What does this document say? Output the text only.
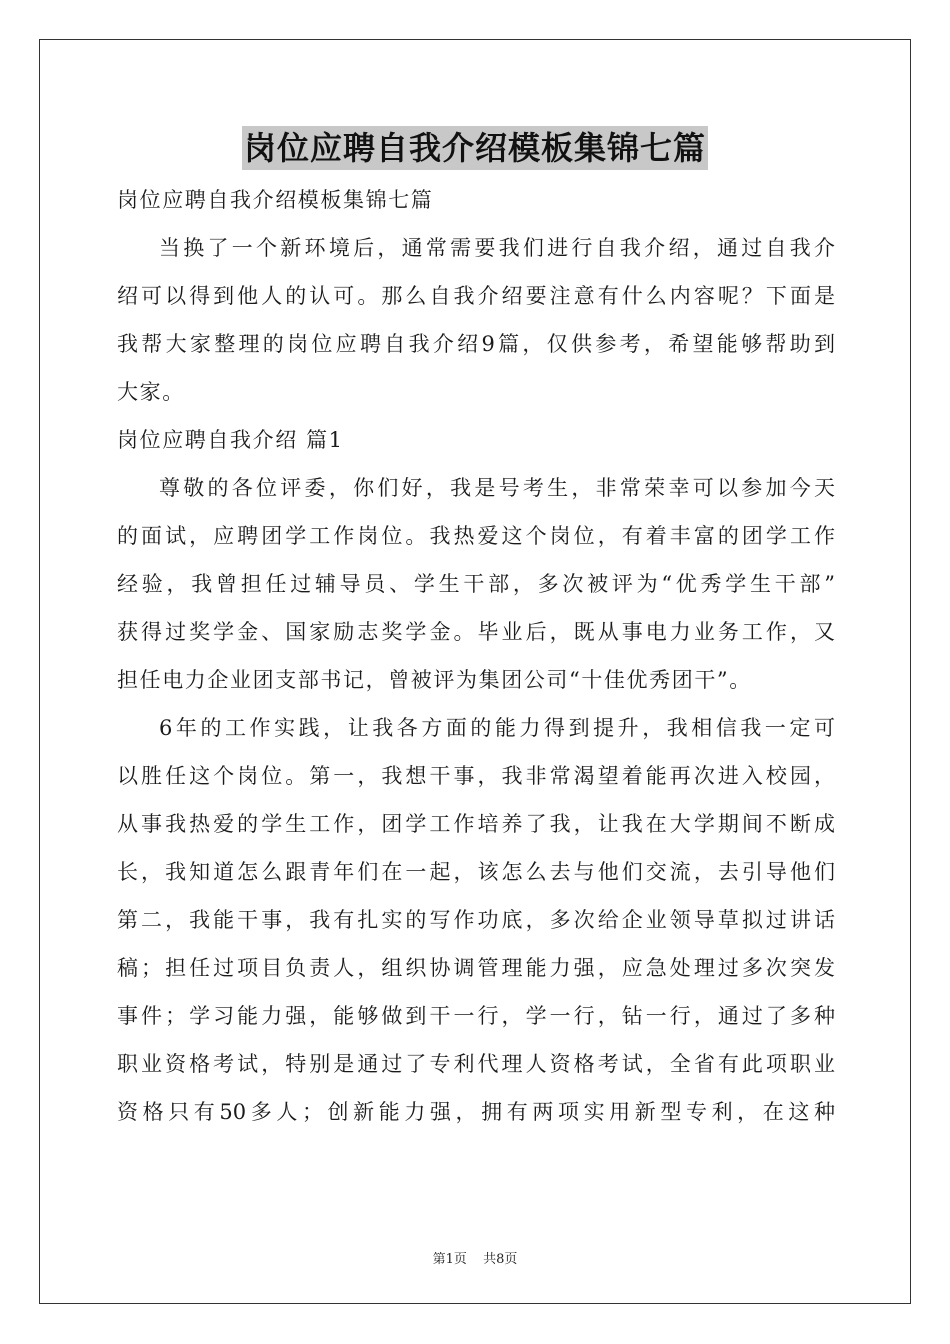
岗位应聘自我介绍模板集锦七篇
岗位应聘自我介绍模板集锦七篇
当换了一个新环境后，通常需要我们进行自我介绍，通过自我介
绍可以得到他人的认可。那么自我介绍要注意有什么内容呢？下面是
我帮大家整理的岗位应聘自我介绍9篇，仅供参考，希望能够帮助到
大家。
岗位应聘自我介绍 篇1
尊敬的各位评委，你们好，我是号考生，非常荣幸可以参加今天
的面试，应聘团学工作岗位。我热爱这个岗位，有着丰富的团学工作
经验，我曾担任过辅导员、学生干部，多次被评为“优秀学生干部”
获得过奖学金、国家励志奖学金。毕业后，既从事电力业务工作，又
担任电力企业团支部书记，曾被评为集团公司“十佳优秀团干”。
6年的工作实践，让我各方面的能力得到提升，我相信我一定可
以胜任这个岗位。第一，我想干事，我非常渴望着能再次进入校园，
从事我热爱的学生工作，团学工作培养了我，让我在大学期间不断成
长，我知道怎么跟青年们在一起，该怎么去与他们交流，去引导他们
第二，我能干事，我有扎实的写作功底，多次给企业领导草拟过讲话
稿；担任过项目负责人，组织协调管理能力强，应急处理过多次突发
事件；学习能力强，能够做到干一行，学一行，钻一行，通过了多种
职业资格考试，特别是通过了专利代理人资格考试，全省有此项职业
资格只有50多人；创新能力强，拥有两项实用新型专利，在这种
第1页 共8页
